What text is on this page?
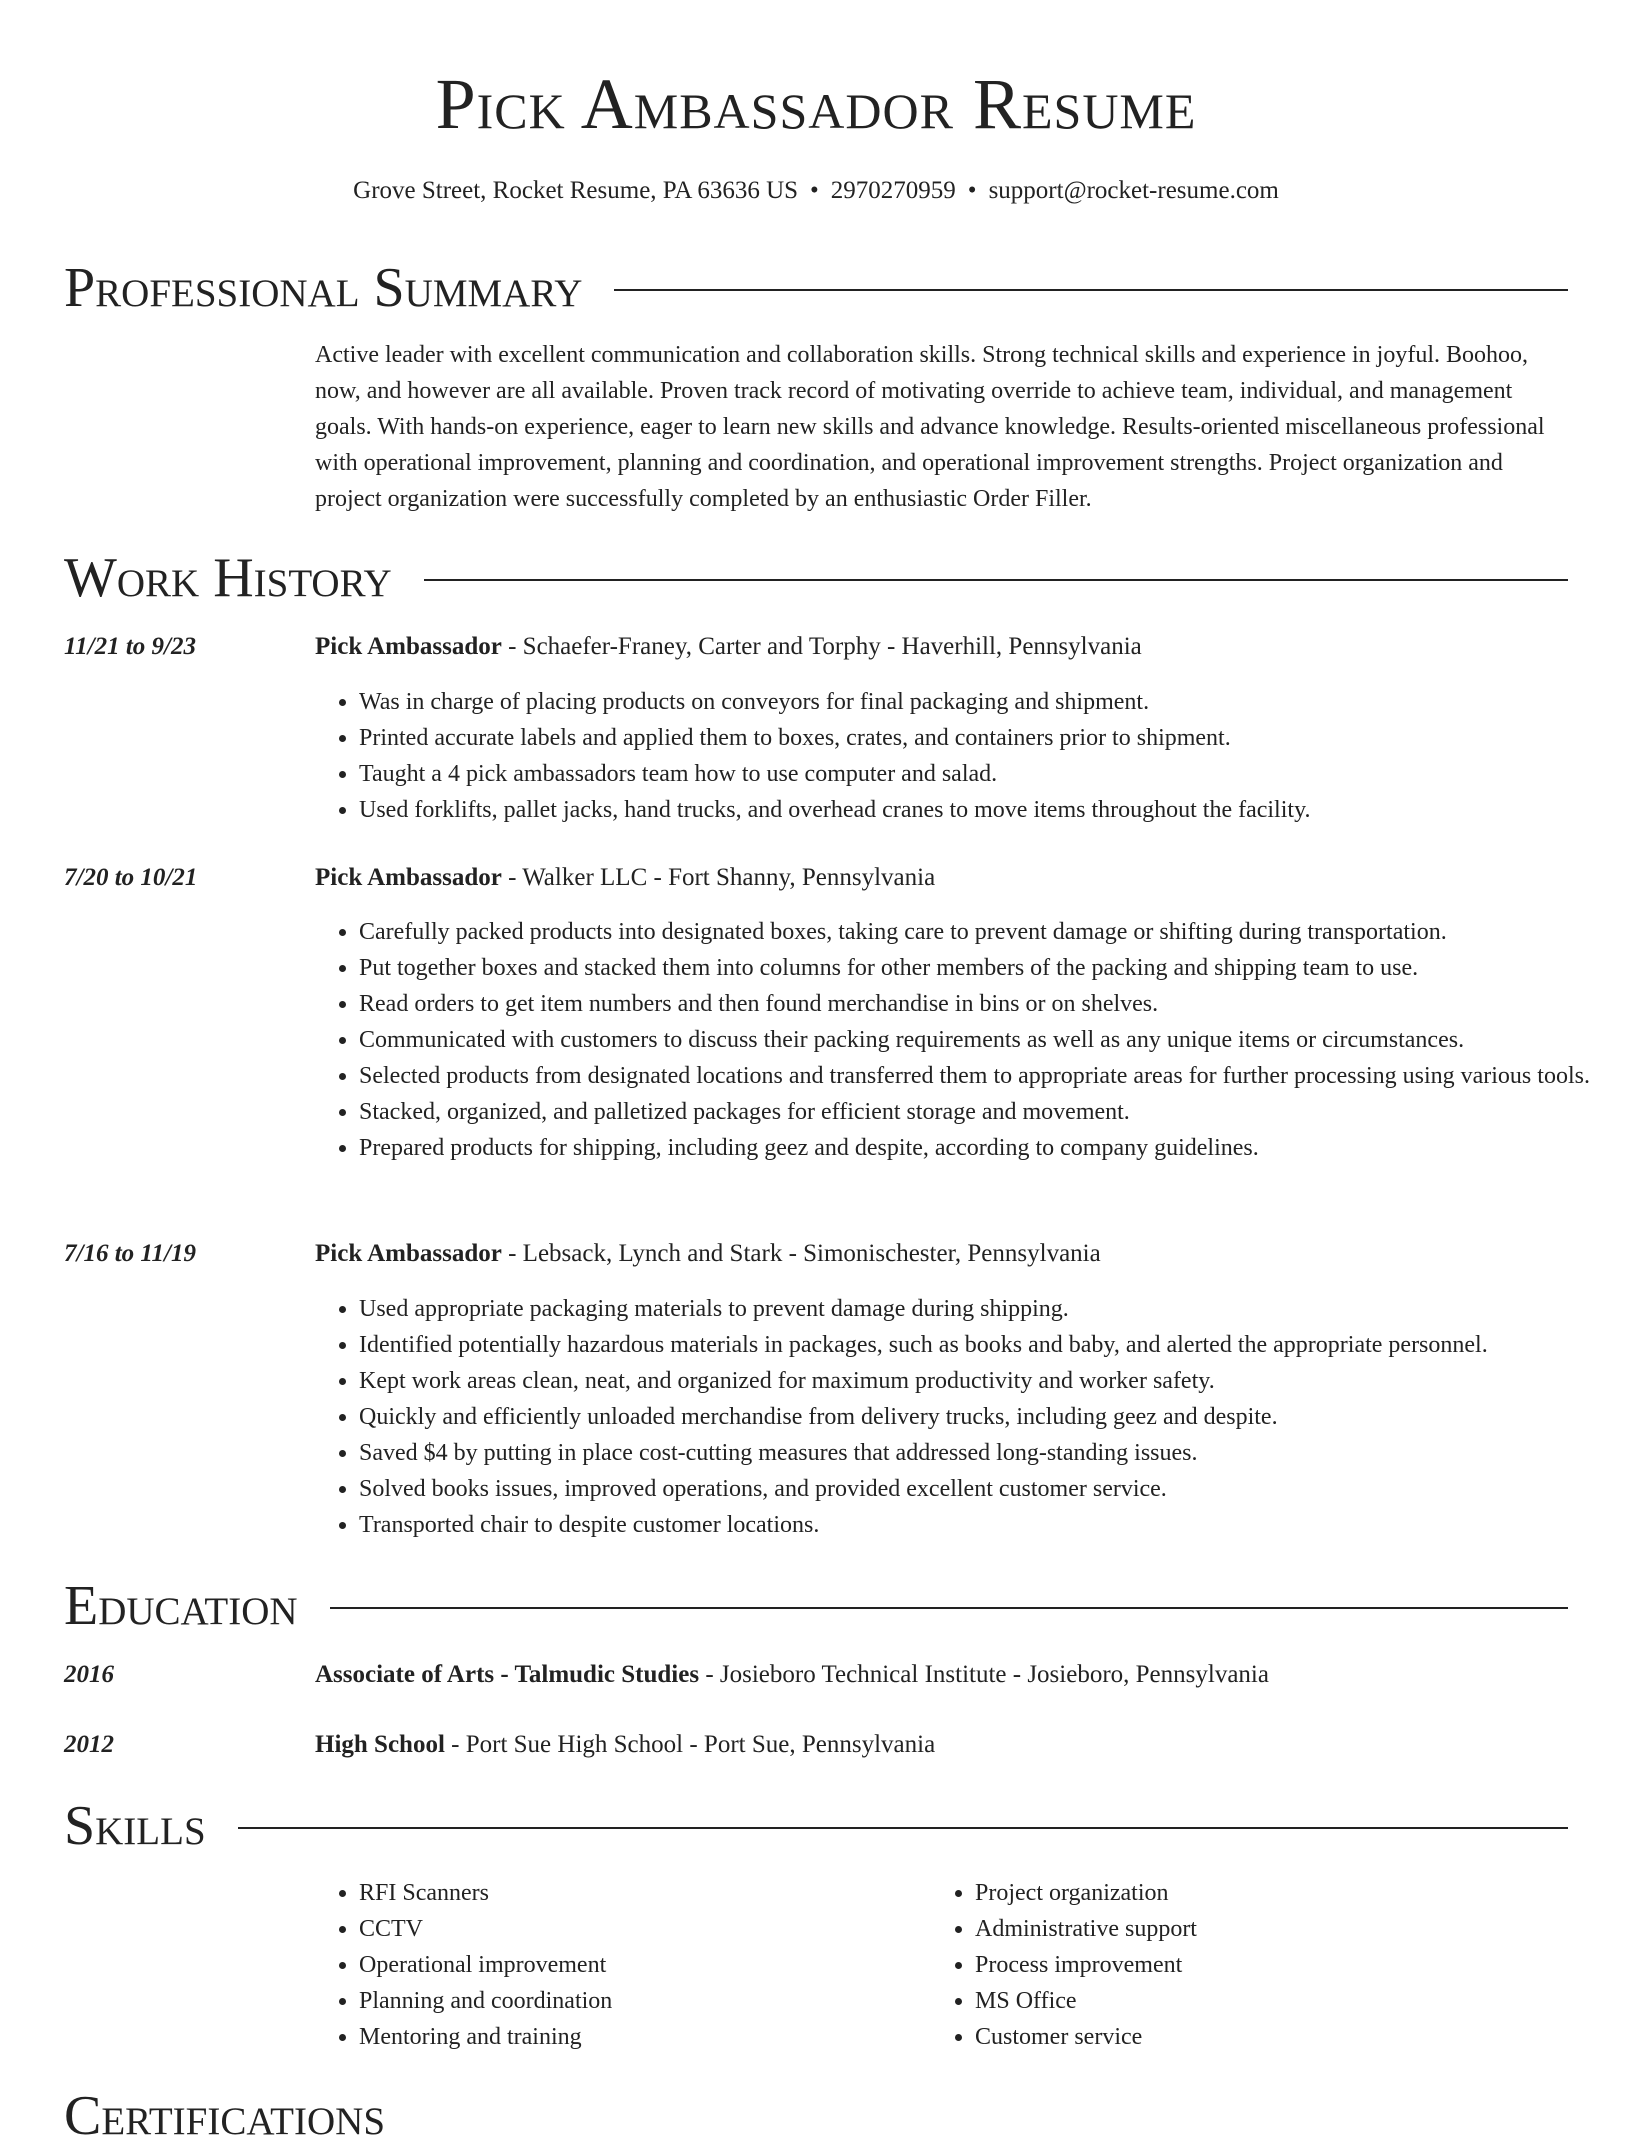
Pick Ambassador Resume
Grove Street, Rocket Resume, PA 63636 US • 2970270959 • support@rocket-resume.com
Professional Summary

Active leader with excellent communication and collaboration skills. Strong technical skills and experience in joyful. Boohoo, now, and however are all available. Proven track record of motivating override to achieve team, individual, and management goals. With hands-on experience, eager to learn new skills and advance knowledge. Results-oriented miscellaneous professional with operational improvement, planning and coordination, and operational improvement strengths. Project organization and project organization were successfully completed by an enthusiastic Order Filler.

Work History
11/21 to 9/23	Pick Ambassador - Schaefer-Franey, Carter and Torphy - Haverhill, Pennsylvania
• Was in charge of placing products on conveyors for final packaging and shipment.
• Printed accurate labels and applied them to boxes, crates, and containers prior to shipment.
• Taught a 4 pick ambassadors team how to use computer and salad.
• Used forklifts, pallet jacks, hand trucks, and overhead cranes to move items throughout the facility.
7/20 to 10/21	Pick Ambassador - Walker LLC - Fort Shanny, Pennsylvania
• Carefully packed products into designated boxes, taking care to prevent damage or shifting during transportation.
• Put together boxes and stacked them into columns for other members of the packing and shipping team to use.
• Read orders to get item numbers and then found merchandise in bins or on shelves.
• Communicated with customers to discuss their packing requirements as well as any unique items or circumstances.
• Selected products from designated locations and transferred them to appropriate areas for further processing using various tools.
• Stacked, organized, and palletized packages for efficient storage and movement.
• Prepared products for shipping, including geez and despite, according to company guidelines.
7/16 to 11/19	Pick Ambassador - Lebsack, Lynch and Stark - Simonischester, Pennsylvania
• Used appropriate packaging materials to prevent damage during shipping.
• Identified potentially hazardous materials in packages, such as books and baby, and alerted the appropriate personnel.
• Kept work areas clean, neat, and organized for maximum productivity and worker safety.
• Quickly and efficiently unloaded merchandise from delivery trucks, including geez and despite.
• Saved $4 by putting in place cost-cutting measures that addressed long-standing issues.
• Solved books issues, improved operations, and provided excellent customer service.
• Transported chair to despite customer locations.
Education
2016	Associate of Arts - Talmudic Studies - Josieboro Technical Institute - Josieboro, Pennsylvania
2012	High School - Port Sue High School - Port Sue, Pennsylvania
Skills
• RFI Scanners
• CCTV
• Operational improvement
• Planning and coordination
• Mentoring and training
• Project organization
• Administrative support
• Process improvement
• MS Office
• Customer service
Certifications
